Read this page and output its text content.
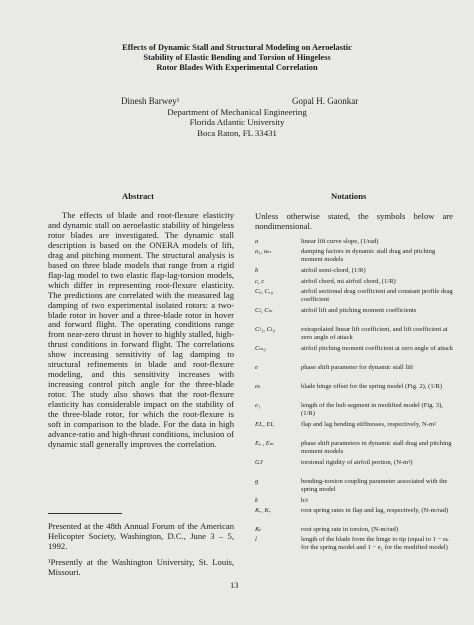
Effects of Dynamic Stall and Structural Modeling on Aeroelastic
Stability of Elastic Bending and Torsion of Hingeless
Rotor Blades With Experimental Correlation
Dinesh Barwey¹	Gopal H. Gaonkar
Department of Mechanical Engineering
Florida Atlantic University
Boca Raton, FL 33431
Abstract	Notations

The effects of blade and root-flexure elasticity and dynamic stall on aeroelastic stability of hingeless rotor blades are investigated. The dynamic stall description is based on the ONERA models of lift, drag and pitching moment. The structural analysis is based on three blade models that range from a rigid flap-lag model to two elastic flap-lag-torsion models, which differ in representing root-flexure elasticity. The predictions are correlated with the measured lag damping of two experimental isolated rotors: a two-blade rotor in hover and a three-blade rotor in hover and forward flight. The operating conditions range from near-zero thrust in hover to highly stalled, high-thrust conditions in forward flight. The correlations show increasing sensitivity of lag damping to structural refinements in blade and root-flexure modeling, and this sensitivity increases with increasing control pitch angle for the three-blade rotor. The study also shows that the root-flexure elasticity has considerable impact on the stability of the three-blade rotor, for which the root-flexure is soft in comparison to the blade. For the data in high advance-ratio and high-thrust conditions, inclusion of dynamic stall generally improves the correlation.

Presented at the 48th Annual Forum of the American Helicopter Society, Washington, D.C., June 3 – 5, 1992.

¹Presently at the Washington University, St. Louis, Missouri.

Unless otherwise stated, the symbols below are nondimensional.
a	linear lift curve slope, (1/rad)
a₁, aₘ	damping factors in dynamic stall drag and pitching moment models
b	airfoil semi-chord, (1/R)
c, c	airfoil chord, mi airfoil chord, (1/R)
Cₑ, Cₓ₀	airfoil sectional drag coefficient and constant profile drag coefficient
Cₗ, Cₘ	airfoil lift and pitching moment coefficients
Cₗ₁, Cₗ₀	extrapolated linear lift coefficient, and lift coefficient at zero angle of attack
Cₘ₀	airfoil pitching moment coefficient at zero angle of attack
e	phase shift parameter for dynamic stall lift
eₕ	blade hinge offset for the spring model (Fig. 2), (1/R)
e₁	length of the hub segment in modified model (Fig. 3), (1/R)
EIᵥ, EIᵥ	flap and lag bending stiffnesses, respectively, N-m²
Eₑ , Eₘ	phase shift parameters in dynamic stall drag and pitching moment models
GJ	torsional rigidity of airfoil portion, (N-m²)
g	bending-torsion coupling parameter associated with the spring model
k	b/r
Kᵥ, Kᵥ	root spring rates in flap and lag, respectively, (N-m/rad)
Kₜ	root spring rate in torsion, (N-m/rad)
l	length of the blade from the hinge to tip (equal to 1 − eₕ for the spring model and 1 − e₁ for the modified model)
13
